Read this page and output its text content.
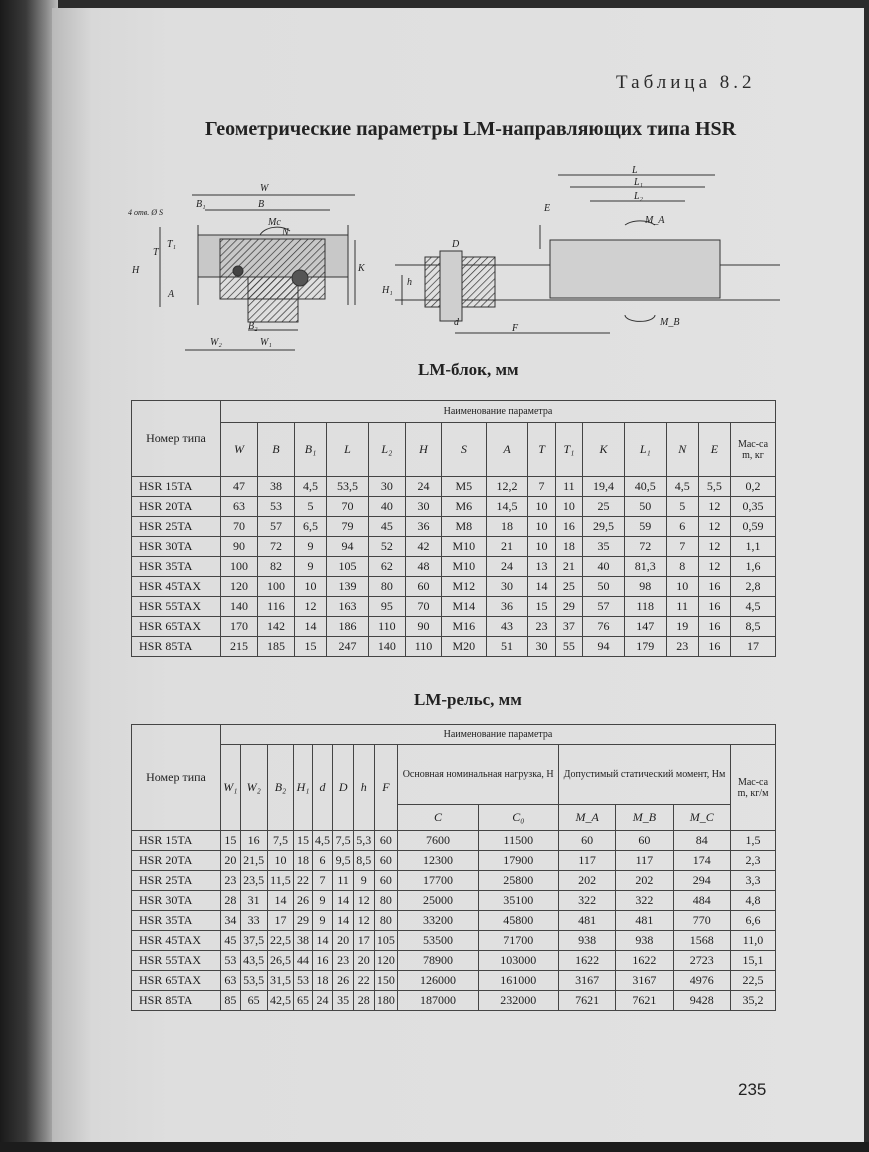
Таблица 8.2
Геометрические параметры LM-направляющих типа HSR
W
B
B₁
4 отв. Ø S
Mc
N
T
T₁
H
A
K
B₂
W₂	W₁
L
L₁
L₂
E
M_A
D
h
H₁
d
F
M_B
LM-блок, мм
Номер типа	Наименование параметра														
	W	B	B₁	L	L₂	H	S	A	T	T₁	K	L₁	N	E	Мас-са m, кг
HSR 15TA	47	38	4,5	53,5	30	24	M5	12,2	7	11	19,4	40,5	4,5	5,5	0,2
HSR 20TA	63	53	5	70	40	30	M6	14,5	10	10	25	50	5	12	0,35
HSR 25TA	70	57	6,5	79	45	36	M8	18	10	16	29,5	59	6	12	0,59
HSR 30TA	90	72	9	94	52	42	M10	21	10	18	35	72	7	12	1,1
HSR 35TA	100	82	9	105	62	48	M10	24	13	21	40	81,3	8	12	1,6
HSR 45TAX	120	100	10	139	80	60	M12	30	14	25	50	98	10	16	2,8
HSR 55TAX	140	116	12	163	95	70	M14	36	15	29	57	118	11	16	4,5
HSR 65TAX	170	142	14	186	110	90	M16	43	23	37	76	147	19	16	8,5
HSR 85TA	215	185	15	247	140	110	M20	51	30	55	94	179	23	16	17
LM-рельс, мм
Номер типа	Наименование параметра													
	W₁	W₂	B₂	H₁	d	D	h	F	Основная номинальная нагрузка, Н		Допустимый статический момент, Нм			Мас-са m, кг/м
									C	C₀	M_A	M_B	M_C	
HSR 15TA	15	16	7,5	15	4,5	7,5	5,3	60	7600	11500	60	60	84	1,5
HSR 20TA	20	21,5	10	18	6	9,5	8,5	60	12300	17900	117	117	174	2,3
HSR 25TA	23	23,5	11,5	22	7	11	9	60	17700	25800	202	202	294	3,3
HSR 30TA	28	31	14	26	9	14	12	80	25000	35100	322	322	484	4,8
HSR 35TA	34	33	17	29	9	14	12	80	33200	45800	481	481	770	6,6
HSR 45TAX	45	37,5	22,5	38	14	20	17	105	53500	71700	938	938	1568	11,0
HSR 55TAX	53	43,5	26,5	44	16	23	20	120	78900	103000	1622	1622	2723	15,1
HSR 65TAX	63	53,5	31,5	53	18	26	22	150	126000	161000	3167	3167	4976	22,5
HSR 85TA	85	65	42,5	65	24	35	28	180	187000	232000	7621	7621	9428	35,2
235
